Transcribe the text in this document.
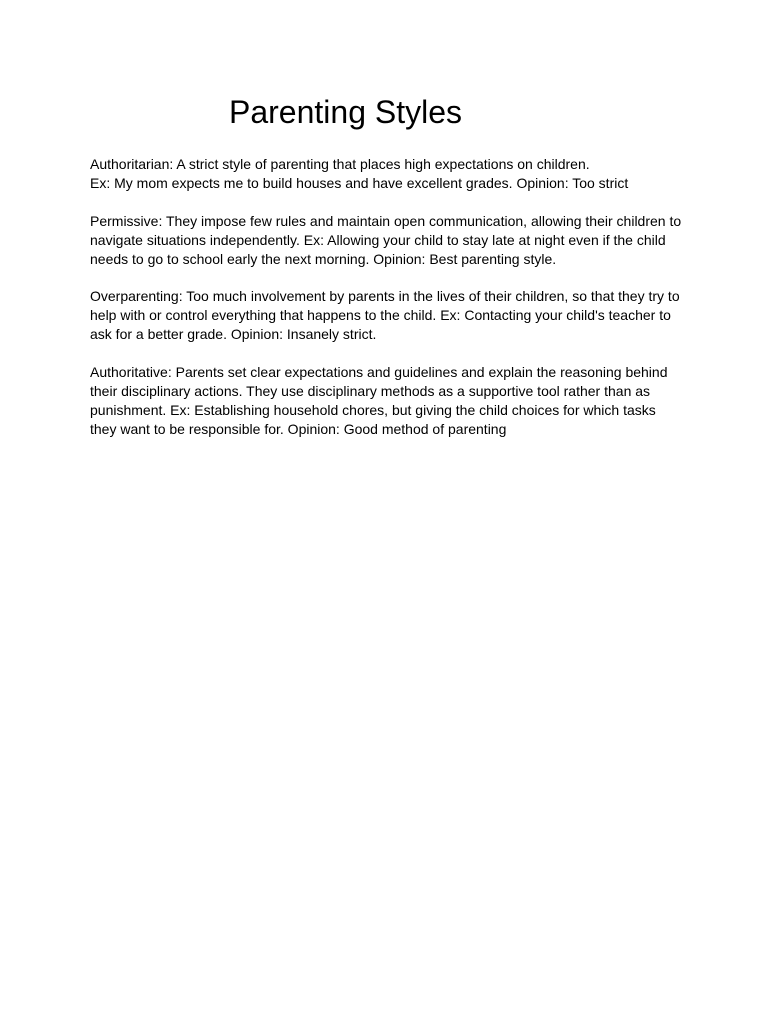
Parenting Styles

Authoritarian: A strict style of parenting that places high expectations on children.
Ex: My mom expects me to build houses and have excellent grades. Opinion: Too strict

Permissive: They impose few rules and maintain open communication, allowing their children to
navigate situations independently. Ex: Allowing your child to stay late at night even if the child
needs to go to school early the next morning. Opinion: Best parenting style.

Overparenting: Too much involvement by parents in the lives of their children, so that they try to
help with or control everything that happens to the child. Ex: Contacting your child's teacher to
ask for a better grade. Opinion: Insanely strict.

Authoritative: Parents set clear expectations and guidelines and explain the reasoning behind
their disciplinary actions. They use disciplinary methods as a supportive tool rather than as
punishment. Ex: Establishing household chores, but giving the child choices for which tasks
they want to be responsible for. Opinion: Good method of parenting
